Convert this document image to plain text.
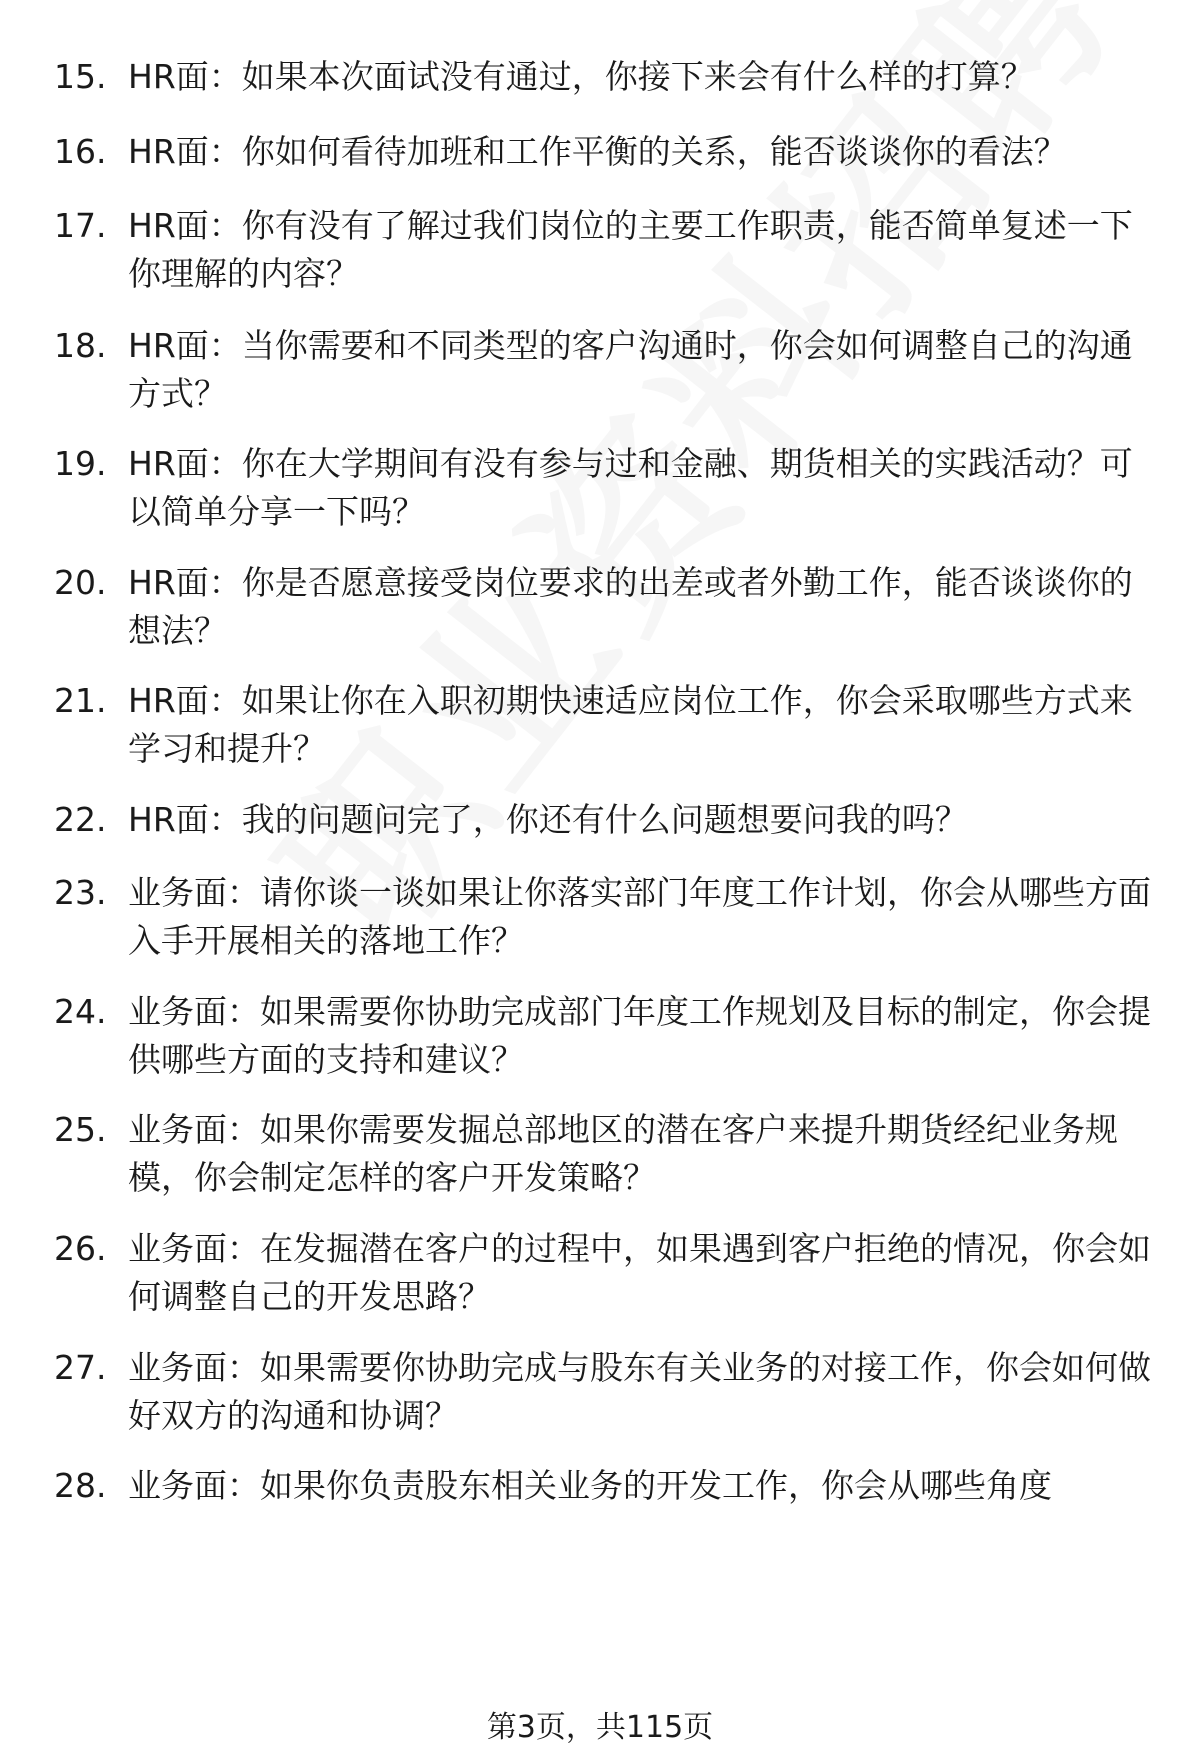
15. HR面：如果本次面试没有通过，你接下来会有什么样的打算？
16. HR面：你如何看待加班和工作平衡的关系，能否谈谈你的看法？
17. HR面：你有没有了解过我们岗位的主要工作职责，能否简单复述一下你理解的内容？
18. HR面：当你需要和不同类型的客户沟通时，你会如何调整自己的沟通方式？
19. HR面：你在大学期间有没有参与过和金融、期货相关的实践活动？可以简单分享一下吗？
20. HR面：你是否愿意接受岗位要求的出差或者外勤工作，能否谈谈你的想法？
21. HR面：如果让你在入职初期快速适应岗位工作，你会采取哪些方式来学习和提升？
22. HR面：我的问题问完了，你还有什么问题想要问我的吗？
23. 业务面：请你谈一谈如果让你落实部门年度工作计划，你会从哪些方面入手开展相关的落地工作？
24. 业务面：如果需要你协助完成部门年度工作规划及目标的制定，你会提供哪些方面的支持和建议？
25. 业务面：如果你需要发掘总部地区的潜在客户来提升期货经纪业务规模，你会制定怎样的客户开发策略？
26. 业务面：在发掘潜在客户的过程中，如果遇到客户拒绝的情况，你会如何调整自己的开发思路？
27. 业务面：如果需要你协助完成与股东有关业务的对接工作，你会如何做好双方的沟通和协调？
28. 业务面：如果你负责股东相关业务的开发工作，你会从哪些角度
第3页，共115页
